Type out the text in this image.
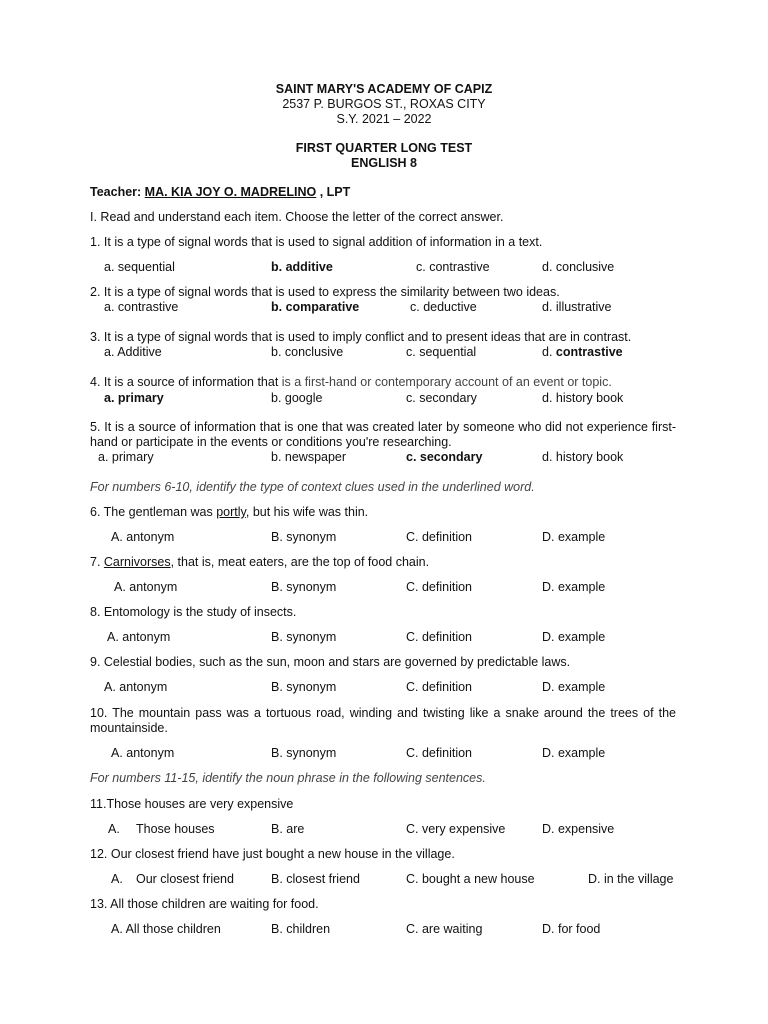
SAINT MARY'S ACADEMY OF CAPIZ
2537 P. BURGOS ST., ROXAS CITY
S.Y. 2021 – 2022
FIRST QUARTER LONG TEST
ENGLISH 8
Teacher: MA. KIA JOY O. MADRELINO , LPT
I. Read and understand each item. Choose the letter of the correct answer.
1. It is a type of signal words that is used to signal addition of information in a text.
a. sequential	b. additive	c. contrastive	d. conclusive
2. It is a type of signal words that is used to express the similarity between two ideas.
a. contrastive	b. comparative	c. deductive	d. illustrative
3. It is a type of signal words that is used to imply conflict and to present ideas that are in contrast.
a. Additive	b. conclusive	c. sequential	d. contrastive
4. It is a source of information that is a first-hand or contemporary account of an event or topic.
a. primary	b. google	c. secondary	d. history book
5. It is a source of information that is one that was created later by someone who did not experience first-hand or participate in the events or conditions you're researching.
a. primary	b. newspaper	c. secondary	d. history book
For numbers 6-10, identify the type of context clues used in the underlined word.
6. The gentleman was portly, but his wife was thin.
A. antonym	B. synonym	C. definition	D. example
7. Carnivorses, that is, meat eaters, are the top of food chain.
A. antonym	B. synonym	C. definition	D. example
8. Entomology is the study of insects.
A. antonym	B. synonym	C. definition	D. example
9. Celestial bodies, such as the sun, moon and stars are governed by predictable laws.
A. antonym	B. synonym	C. definition	D. example
10. The mountain pass was a tortuous road, winding and twisting like a snake around the trees of the mountainside.
A. antonym	B. synonym	C. definition	D. example
For numbers 11-15, identify the noun phrase in the following sentences.
11.Those houses are very expensive
A. Those houses	B. are	C. very expensive	D. expensive
12. Our closest friend have just bought a new house in the village.
A. Our closest friend	B. closest friend	C. bought a new house	D. in the village
13. All those children are waiting for food.
A. All those children	B. children	C. are waiting	D. for food
